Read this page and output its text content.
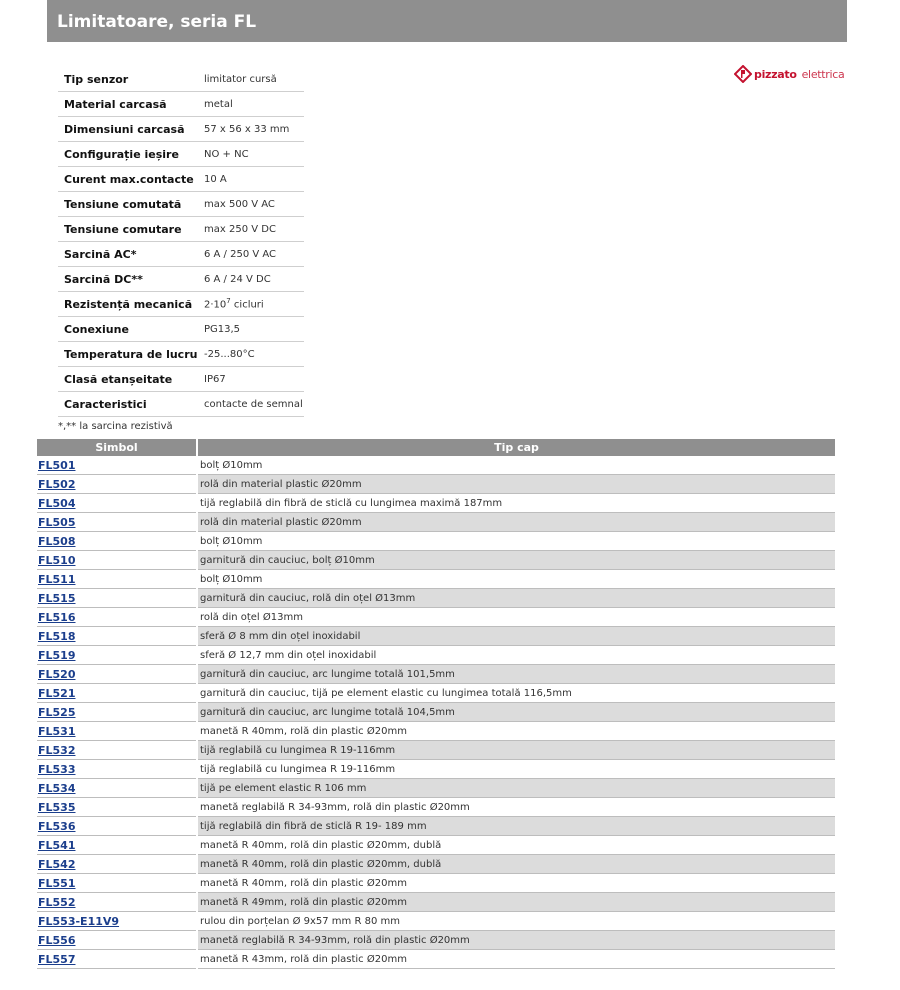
Limitatoare, seria FL
pizzato elettrica
Tip senzor	limitator cursă
Material carcasă	metal
Dimensiuni carcasă	57 x 56 x 33 mm
Configurație ieșire	NO + NC
Curent max.contacte	10 A
Tensiune comutată	max 500 V AC
Tensiune comutare	max 250 V DC
Sarcină AC*	6 A / 250 V AC
Sarcină DC**	6 A / 24 V DC
Rezistență mecanică	$2\cdot 10^7$ cicluri
Conexiune	PG13,5
Temperatura de lucru	-25...80°C
Clasă etanșeitate	IP67
Caracteristici	contacte de semnal
*,** la sarcina rezistivă
Simbol	Tip cap
FL501	bolț Ø10mm
FL502	rolă din material plastic Ø20mm
FL504	tijă reglabilă din fibră de sticlă cu lungimea maximă 187mm
FL505	rolă din material plastic Ø20mm
FL508	bolț Ø10mm
FL510	garnitură din cauciuc, bolț Ø10mm
FL511	bolț Ø10mm
FL515	garnitură din cauciuc, rolă din oțel Ø13mm
FL516	rolă din oțel Ø13mm
FL518	sferă Ø 8 mm din oțel inoxidabil
FL519	sferă Ø 12,7 mm din oțel inoxidabil
FL520	garnitură din cauciuc, arc lungime totală 101,5mm
FL521	garnitură din cauciuc, tijă pe element elastic cu lungimea totală 116,5mm
FL525	garnitură din cauciuc, arc lungime totală 104,5mm
FL531	manetă R 40mm, rolă din plastic Ø20mm
FL532	tijă reglabilă cu lungimea R 19-116mm
FL533	tijă reglabilă cu lungimea R 19-116mm
FL534	tijă pe element elastic R 106 mm
FL535	manetă reglabilă R 34-93mm, rolă din plastic Ø20mm
FL536	tijă reglabilă din fibră de sticlă R 19- 189 mm
FL541	manetă R 40mm, rolă din plastic Ø20mm, dublă
FL542	manetă R 40mm, rolă din plastic Ø20mm, dublă
FL551	manetă R 40mm, rolă din plastic Ø20mm
FL552	manetă R 49mm, rolă din plastic Ø20mm
FL553-E11V9	rulou din porțelan Ø 9x57 mm R 80 mm
FL556	manetă reglabilă R 34-93mm, rolă din plastic Ø20mm
FL557	manetă R 43mm, rolă din plastic Ø20mm
